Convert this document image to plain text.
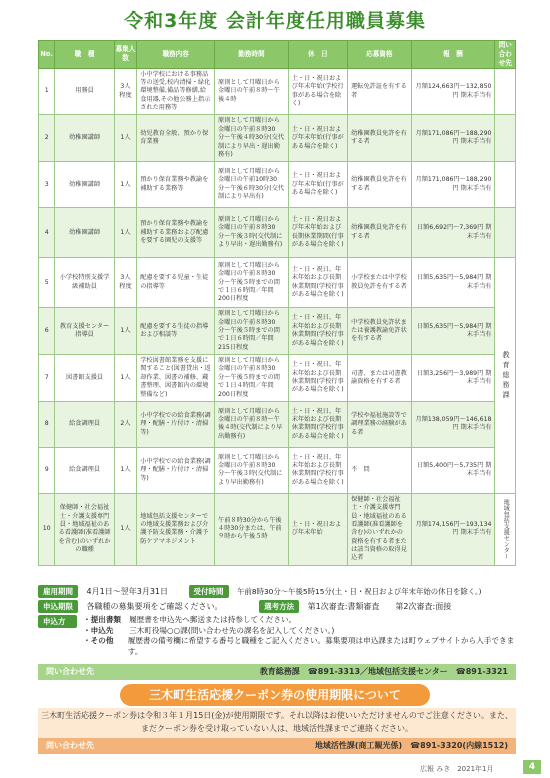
令和3年度 会計年度任用職員募集
No.	職　種	募集人数	職務内容	勤務時間	休　日	応募資格	報　酬	問い合わせ先
1	用務員	3人程度	小中学校における事務品等の送受,校内清掃・緑化環境整備,備品等修繕,給食用器,その他公務上指示された用務等	原則として月曜日から金曜日の午前８時〜午後４時	土・日・祝日および年末年始(学校行事がある場合を除く)	運転免許証を有する者	月額124,663円〜132,850円 期末手当有	
2	幼稚園講師	1人	幼児教育全般、預かり保育業務	原則として月曜日から金曜日の午前８時30分〜午後４時30分(交代制により早出・遅出勤務有)	土・日・祝日および年末年始(行事がある場合を除く)	幼稚園教員免許を有する者	月額171,086円〜188,290円 期末手当有	
3	幼稚園講師	1人	預かり保育業務や教諭を補助する業務等	原則として月曜日から金曜日の午前10時30分〜午後６時30分(交代制により早出有)	土・日・祝日および年末年始(行事がある場合を除く)	幼稚園教員免許を有する者	月額171,086円〜188,290円 期末手当有	
4	幼稚園講師	1人	預かり保育業務や教諭を補助する業務および配慮を要する園児の支援等	原則として月曜日から金曜日の午前８時30分〜午後３時(交代制により早出・遅出勤務有)	土・日・祝日および年末年始および長期休業期間(行事がある場合を除く)	幼稚園教員免許を有する者	日額6,692円〜7,369円 期末手当有	
5	小学校特別支援学級補助員	3人程度	配慮を要する児童・生徒の指導等	原則として月曜日から金曜日の午前８時30分〜午後５時までの間で１日６時間／年間200日程度	土・日・祝日、年末年始および長期休業期間(学校行事がある場合を除く)	小学校または中学校教員免許を有する者	日額5,635円〜5,984円 期末手当有	教育総務課
6	教育支援センター指導員	1人	配慮を要する生徒の指導および相談等	原則として月曜日から金曜日の午前８時30分〜午後５時までの間で１日６時間／年間215日程度	土・日・祝日、年末年始および長期休業期間(学校行事がある場合を除く)	中学校教員免許状または養護教諭免許状を有する者	日額5,635円〜5,984円 期末手当有	
7	図書館支援員	1人	学校図書館業務を支援に関すること(図書貸出・返却作業、図書の補修、蔵書整理、図書館内の環境整備など)	原則として月曜日から金曜日の午前８時30分〜午後５時までの間で１日４時間／年間200日程度	土・日・祝日、年末年始および長期休業期間(学校行事がある場合を除く)	司書、または司書教諭資格を有する者	日額3,256円〜3,989円 期末手当有	
8	給食調理員	2人	小中学校での給食業務(調理・配膳・片付け・清掃等)	原則として月曜日から金曜日の午前８時〜午後４時(交代制により早出勤務有)	土・日・祝日、年末年始および長期休業期間(学校行事がある場合を除く)	学校や福祉施設等で調理業務の経験がある者	月額138,059円〜146,618円 期末手当有	
9	給食調理員	1人	小中学校での給食業務(調理・配膳・片付け・清掃等)	原則として月曜日から金曜日の午前８時30分〜午後３時(交代制により早出勤務有)	土・日・祝日、年末年始および長期休業期間(学校行事がある場合を除く)	不　問	日額5,400円〜5,735円 期末手当有	
10	保健師・社会福祉士・介護支援専門員・地域福祉のある看護師(准看護師を含む)のいずれかの職種	1人	地域包括支援センターでの地域支援業務および介護予防支援業務・介護予防ケアマネジメント	午前８時30分から午後４時30分または、午前９時から午後５時	土・日・祝日および年末年始	保健師・社会福祉士・介護支援専門員・地域福祉のある看護師(准看護師を含む)のいずれかの資格を有する者または該当資格の取得見込者	月額174,156円〜193,134円 期末手当有	地域包括支援センター
雇用期間 4月1日〜翌年3月31日	受付時間 午前8時30分〜午後5時15分(土・日・祝日および年末年始の休日を除く。)
申込期限 各職種の募集要項をご確認ください。	選考方法 第1次審査:書類審査　　第2次審査:面接
申込方法
・提出書類	履歴書を申込先へ郵送または持参してください。
・申込先	三木町役場○○課(問い合わせ先の課名を記入してください。)
・その他	履歴書の備考欄に希望する番号と職種をご記入ください。募集要項は申込課または町ウェブサイトから入手できます。
問い合わせ先	教育総務課　☎891-3313／地域包括支援センター　☎891-3321
三木町生活応援クーポン券の使用期限について
三木町生活応援クーポン券は令和３年１月15日(金)が使用期限です。それ以降はお使いいただけませんのでご注意ください。また、まだクーポン券を受け取っていない人は、地域活性課までご連絡ください。
問い合わせ先	地域活性課(商工観光係)　☎891-3320(内線1512)
広報 みき　2021年1月	4
